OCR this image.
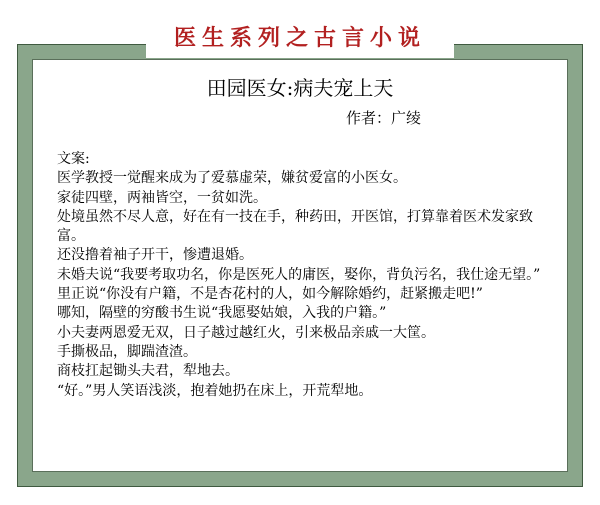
医生系列之古言小说
田园医女:病夫宠上天
作者：广绫

文案:

医学教授一觉醒来成为了爱慕虚荣，嫌贫爱富的小医女。

家徒四壁，两袖皆空，一贫如洗。

处境虽然不尽人意，好在有一技在手，种药田，开医馆，打算靠着医术发家致富。

还没撸着袖子开干，惨遭退婚。

未婚夫说“我要考取功名，你是医死人的庸医，娶你，背负污名，我仕途无望。”

里正说“你没有户籍，不是杏花村的人，如今解除婚约，赶紧搬走吧!”

哪知，隔壁的穷酸书生说“我愿娶姑娘，入我的户籍。”

小夫妻两恩爱无双，日子越过越红火，引来极品亲戚一大筐。

手撕极品，脚踹渣渣。

商枝扛起锄头夫君，犁地去。

“好。”男人笑语浅淡，抱着她扔在床上，开荒犁地。
